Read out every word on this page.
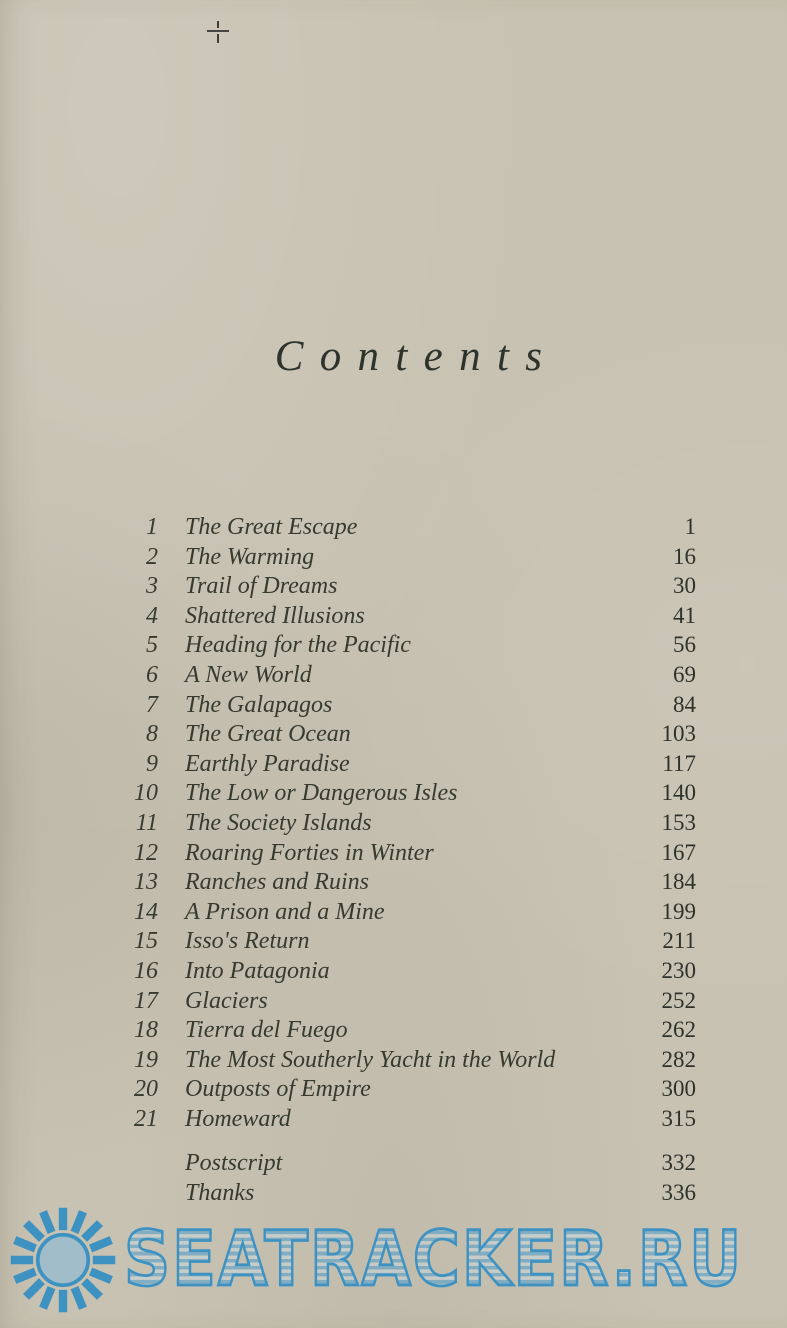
Contents
1	The Great Escape	1
2	The Warming	16
3	Trail of Dreams	30
4	Shattered Illusions	41
5	Heading for the Pacific	56
6	A New World	69
7	The Galapagos	84
8	The Great Ocean	103
9	Earthly Paradise	117
10	The Low or Dangerous Isles	140
11	The Society Islands	153
12	Roaring Forties in Winter	167
13	Ranches and Ruins	184
14	A Prison and a Mine	199
15	Isso's Return	211
16	Into Patagonia	230
17	Glaciers	252
18	Tierra del Fuego	262
19	The Most Southerly Yacht in the World	282
20	Outposts of Empire	300
21	Homeward	315
Postscript	332
Thanks	336
SEATRACKER.RU
